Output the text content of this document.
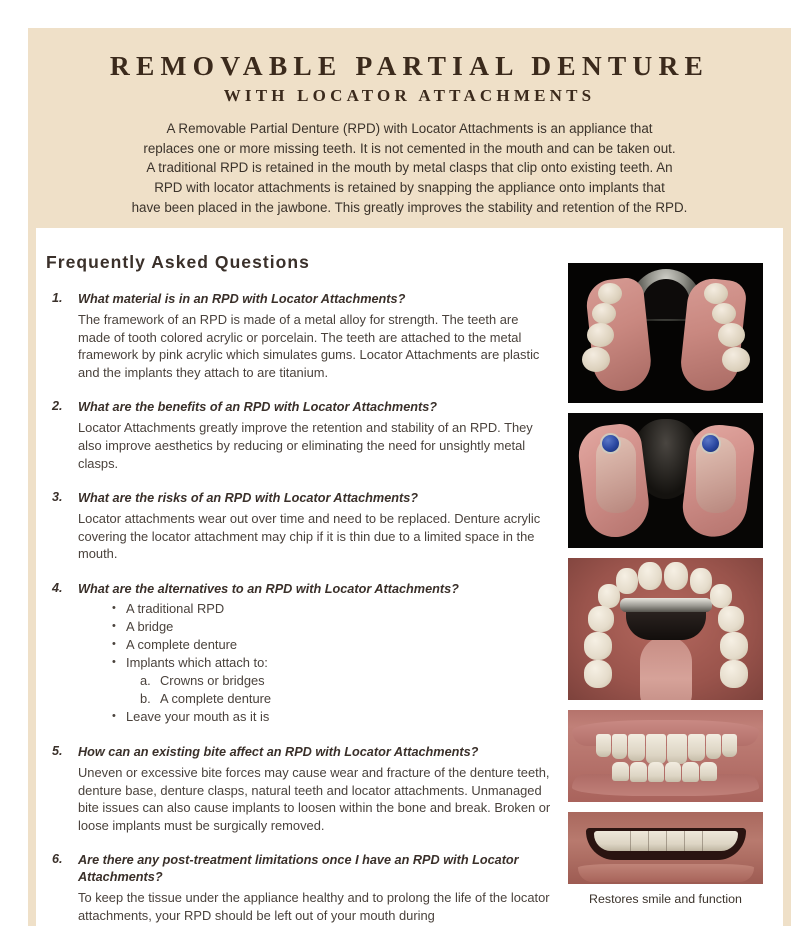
REMOVABLE PARTIAL DENTURE
WITH LOCATOR ATTACHMENTS

A Removable Partial Denture (RPD) with Locator Attachments is an appliance that
replaces one or more missing teeth. It is not cemented in the mouth and can be taken out.
A traditional RPD is retained in the mouth by metal clasps that clip onto existing teeth. An
RPD with locator attachments is retained by snapping the appliance onto implants that
have been placed in the jawbone. This greatly improves the stability and retention of the RPD.

Frequently Asked Questions
1. What material is in an RPD with Locator Attachments?

The framework of an RPD is made of a metal alloy for strength. The teeth are made of tooth colored acrylic or porcelain. The teeth are attached to the metal framework by pink acrylic which simulates gums. Locator Attachments are plastic and the implants they attach to are titanium.

2. What are the benefits of an RPD with Locator Attachments?

Locator Attachments greatly improve the retention and stability of an RPD. They also improve aesthetics by reducing or eliminating the need for unsightly metal clasps.

3. What are the risks of an RPD with Locator Attachments?

Locator attachments wear out over time and need to be replaced. Denture acrylic covering the locator attachment may chip if it is thin due to a limited space in the mouth.

4. What are the alternatives to an RPD with Locator Attachments?

• A traditional RPD
• A bridge
• A complete denture
• Implants which attach to:
a. Crowns or bridges
b. A complete denture
• Leave your mouth as it is
5. How can an existing bite affect an RPD with Locator Attachments?

Uneven or excessive bite forces may cause wear and fracture of the denture teeth, denture base, denture clasps, natural teeth and locator attachments. Unmanaged bite issues can also cause implants to loosen within the bone and break. Broken or loose implants must be surgically removed.

6. Are there any post-treatment limitations once I have an RPD with Locator Attachments?

To keep the tissue under the appliance healthy and to prolong the life of the locator attachments, your RPD should be left out of your mouth during

Restores smile and function
